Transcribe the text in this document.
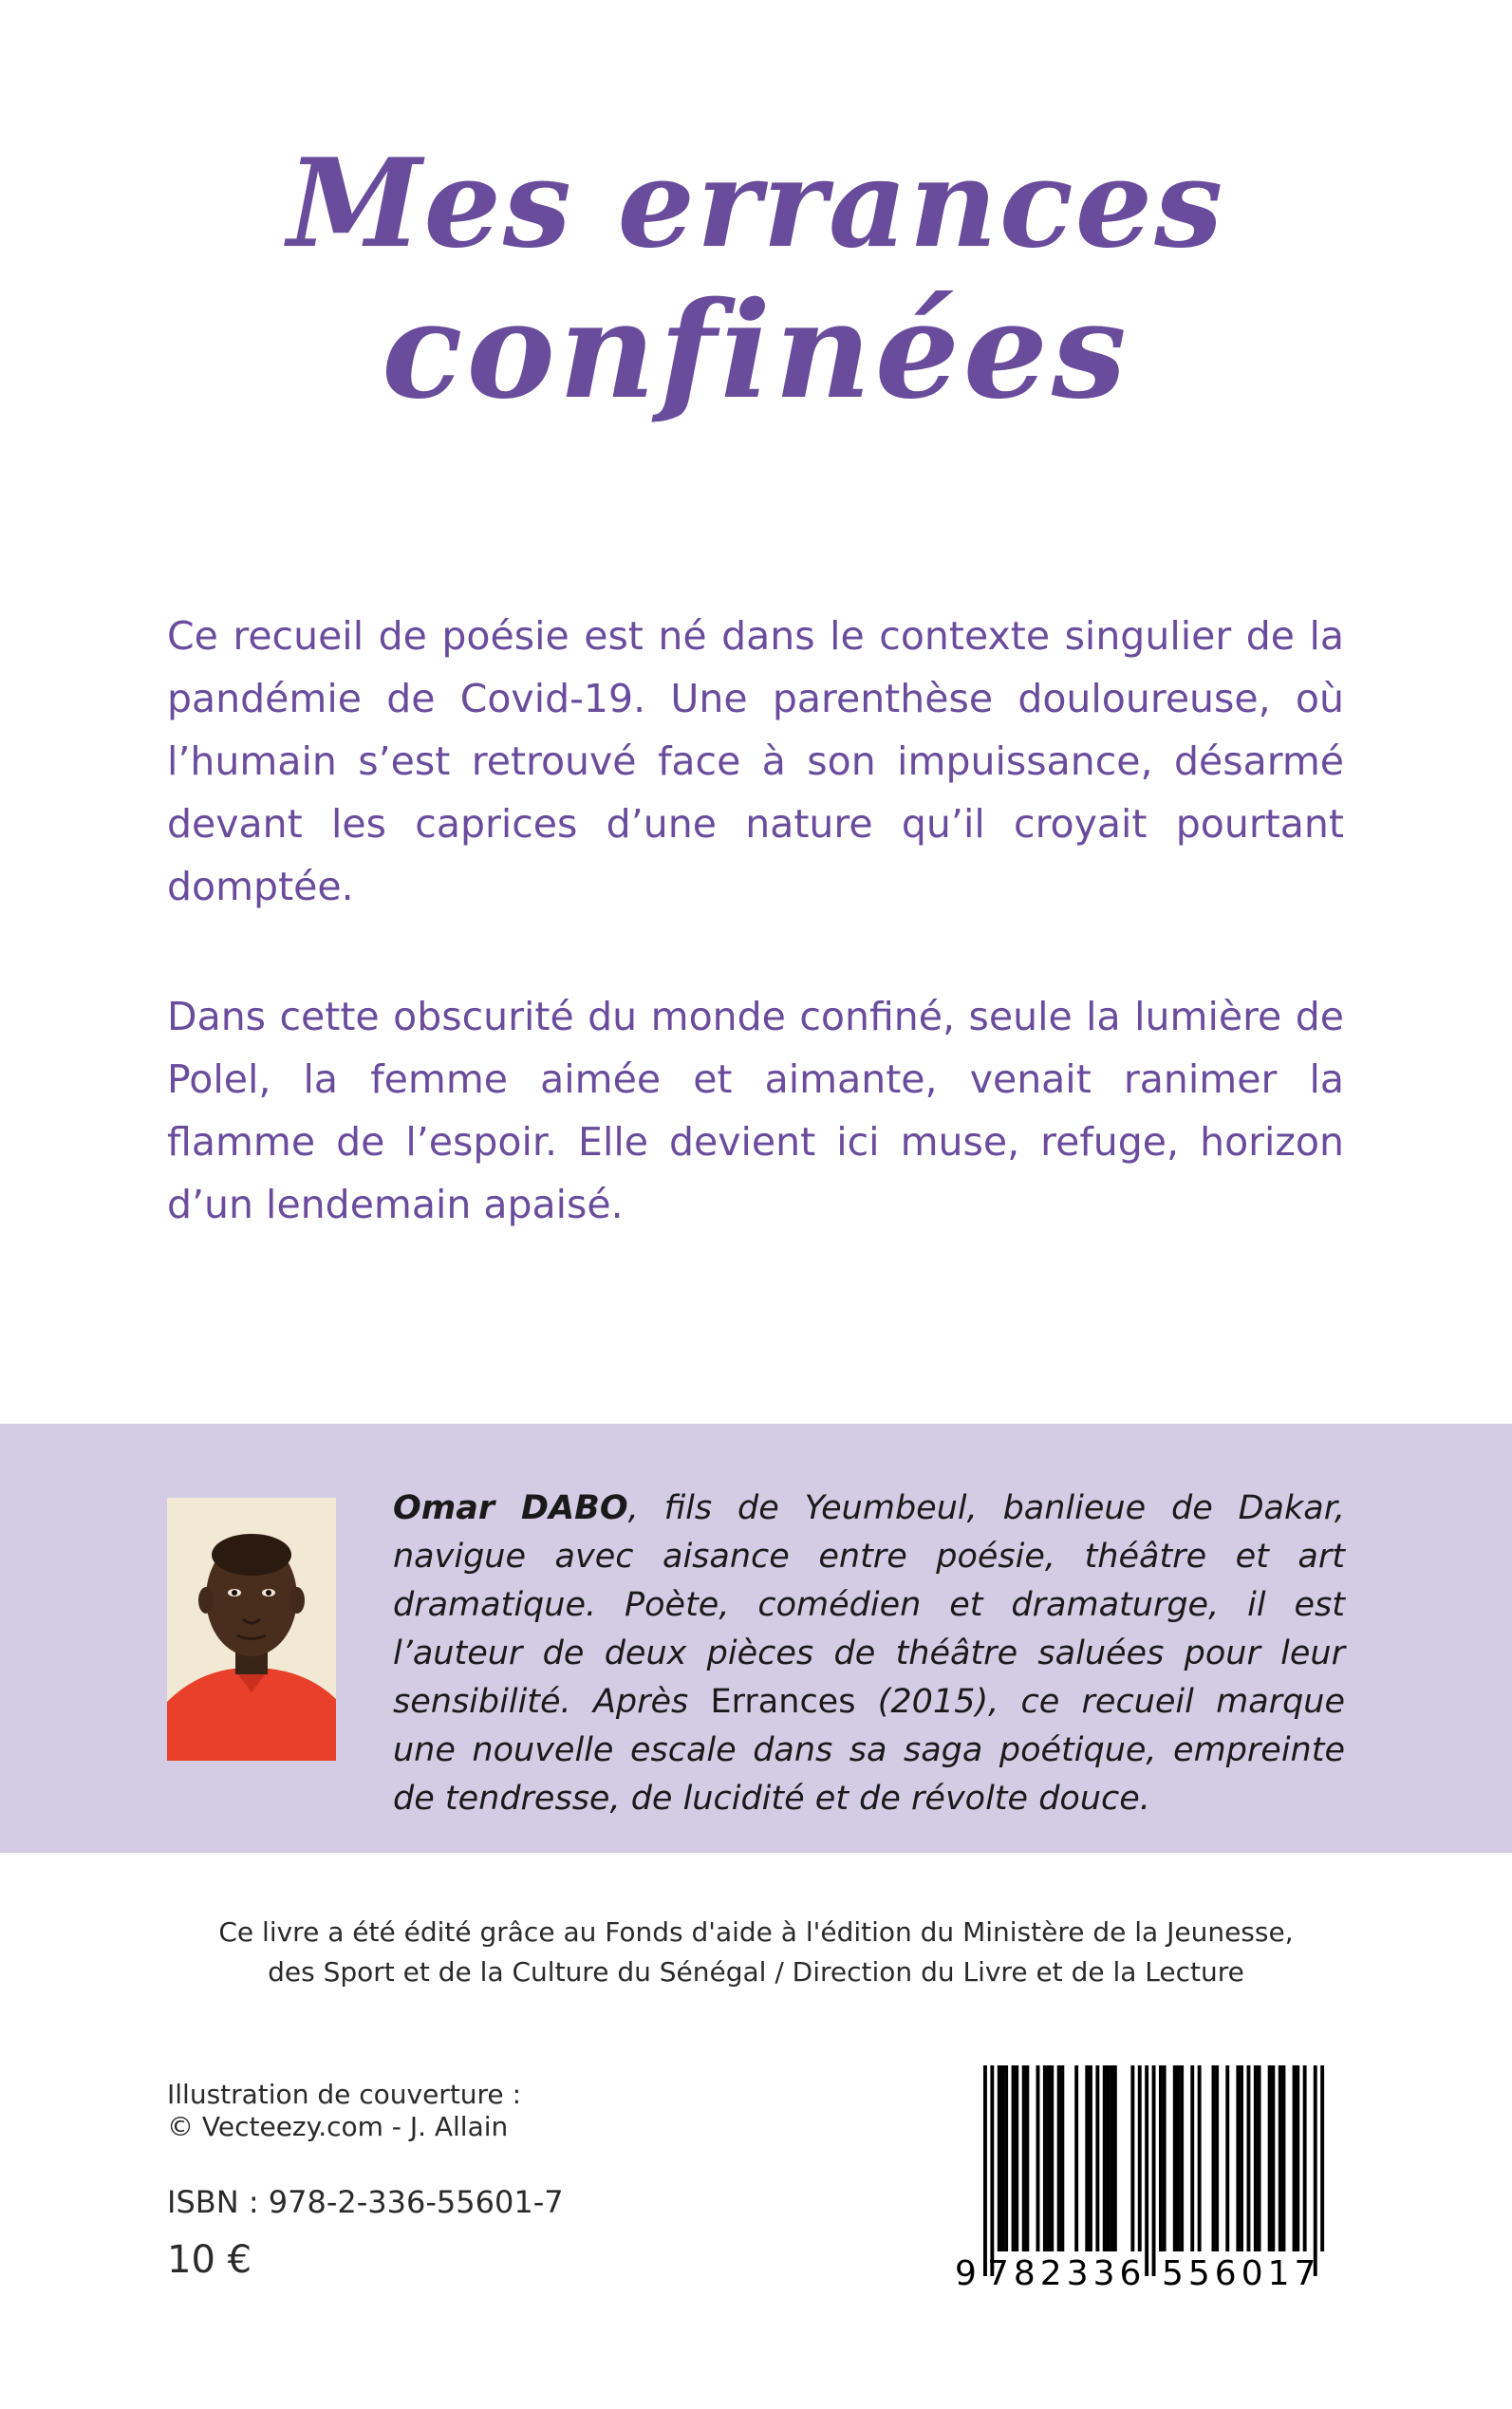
Mes errances
confinées

Ce recueil de poésie est né dans le contexte singulier de la pandémie de Covid-19. Une parenthèse douloureuse, où l’humain s’est retrouvé face à son impuissance, désarmé devant les caprices d’une nature qu’il croyait pourtant domptée.

Dans cette obscurité du monde confiné, seule la lumière de Polel, la femme aimée et aimante, venait ranimer la flamme de l’espoir. Elle devient ici muse, refuge, horizon d’un lendemain apaisé.

Omar DABO, fils de Yeumbeul, banlieue de Dakar, navigue avec aisance entre poésie, théâtre et art dramatique. Poète, comédien et dramaturge, il est l’auteur de deux pièces de théâtre saluées pour leur sensibilité. Après Errances (2015), ce recueil marque une nouvelle escale dans sa saga poétique, empreinte de tendresse, de lucidité et de révolte douce.

Ce livre a été édité grâce au Fonds d'aide à l'édition du Ministère de la Jeunesse,
des Sport et de la Culture du Sénégal / Direction du Livre et de la Lecture

Illustration de couverture :
© Vecteezy.com - J. Allain

ISBN : 978-2-336-55601-7

10 €	9 782336 556017
